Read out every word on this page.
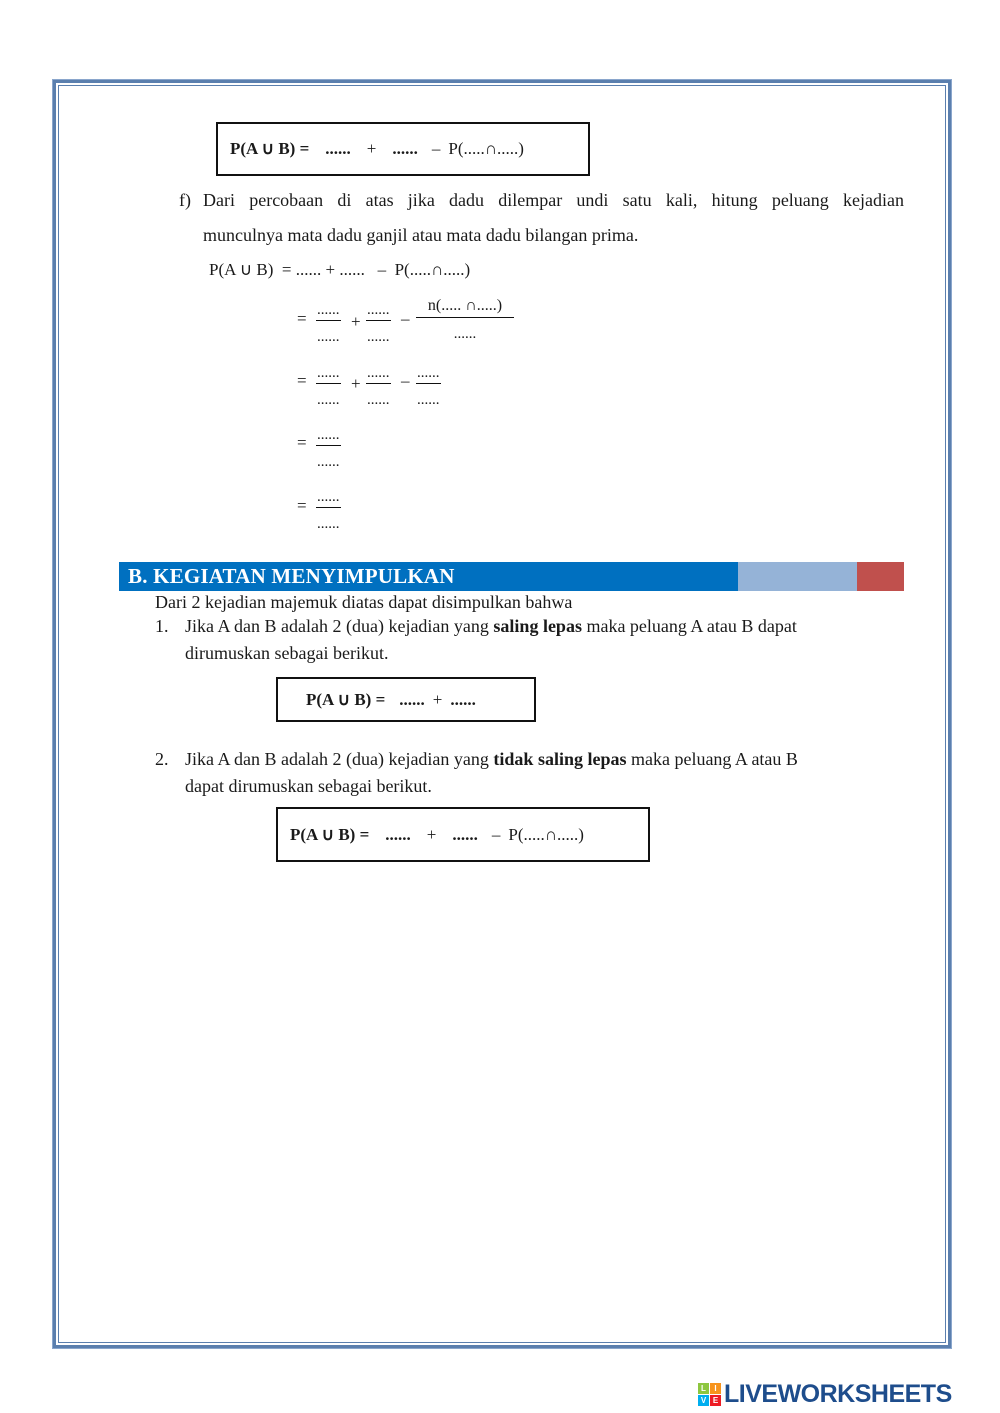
P(A ∪ B) = ...... + ...... – P(.....∩.....)
f) Dari percobaan di atas jika dadu dilempar undi satu kali, hitung peluang kejadian
munculnya mata dadu ganjil atau mata dadu bilangan prima.
P(A ∪ B)  = ...... + ......   –  P(.....∩.....)
= ......
......
+
......
......
–
n(..... ∩.....)
......
= ......
......
+
......
......
– ......
......
= ......
......
= ......
......
B. KEGIATAN MENYIMPULKAN
Dari 2 kejadian majemuk diatas dapat disimpulkan bahwa
1. Jika A dan B adalah 2 (dua) kejadian yang saling lepas maka peluang A atau B dapat
dirumuskan sebagai berikut.
P(A ∪ B) = ...... + ......
2. Jika A dan B adalah 2 (dua) kejadian yang tidak saling lepas maka peluang A atau B
dapat dirumuskan sebagai berikut.
P(A ∪ B) = ...... + ...... – P(.....∩.....)
L	I
V E LIVEWORKSHEETS
